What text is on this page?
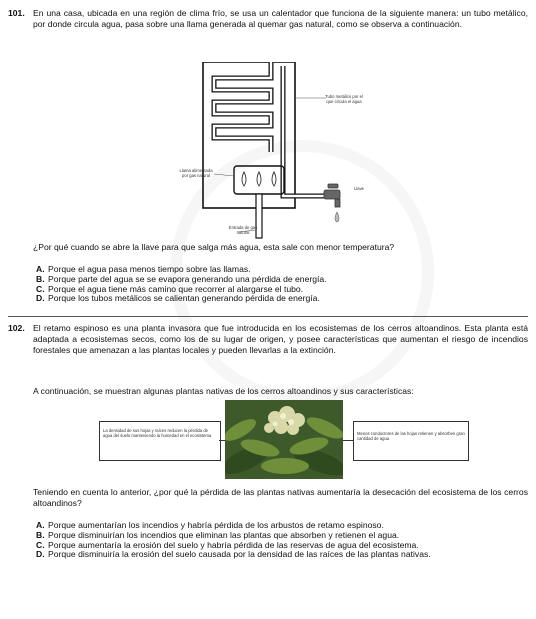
101. En una casa, ubicada en una región de clima frío, se usa un calentador que funciona de la siguiente manera: un tubo metálico, por donde circula agua, pasa sobre una llama generada al quemar gas natural, como se observa a continuación.

Tubo metálico por el que circula el agua
Llama alimentada por gas natural
Llave
Entrada de gas natural

¿Por qué cuando se abre la llave para que salga más agua, esta sale con menor temperatura?

A. Porque el agua pasa menos tiempo sobre las llamas.
B. Porque parte del agua se se evapora generando una pérdida de energía.
C. Porque el agua tiene más camino que recorrer al alargarse el tubo.
D. Porque los tubos metálicos se calientan generando pérdida de energía.
102. El retamo espinoso es una planta invasora que fue introducida en los ecosistemas de los cerros altoandinos. Esta planta está adaptada a ecosistemas secos, como los de su lugar de origen, y posee características que aumentan el riesgo de incendios forestales que amenazan a las plantas locales y pueden llevarlas a la extinción.

A continuación, se muestran algunas plantas nativas de los cerros altoandinos y sus características:

La densidad de sus hojas y raíces reducen la pérdida de agua del suelo manteniendo la humedad en el ecosistema	Menos conductores de las hojas retienen y absorben gran cantidad de agua

Teniendo en cuenta lo anterior, ¿por qué la pérdida de las plantas nativas aumentaría la desecación del ecosistema de los cerros altoandinos?

A. Porque aumentarían los incendios y habría pérdida de los arbustos de retamo espinoso.
B. Porque disminuirían los incendios que eliminan las plantas que absorben y retienen el agua.
C. Porque aumentaría la erosión del suelo y habría pérdida de las reservas de agua del ecosistema.
D. Porque disminuiría la erosión del suelo causada por la densidad de las raíces de las plantas nativas.
